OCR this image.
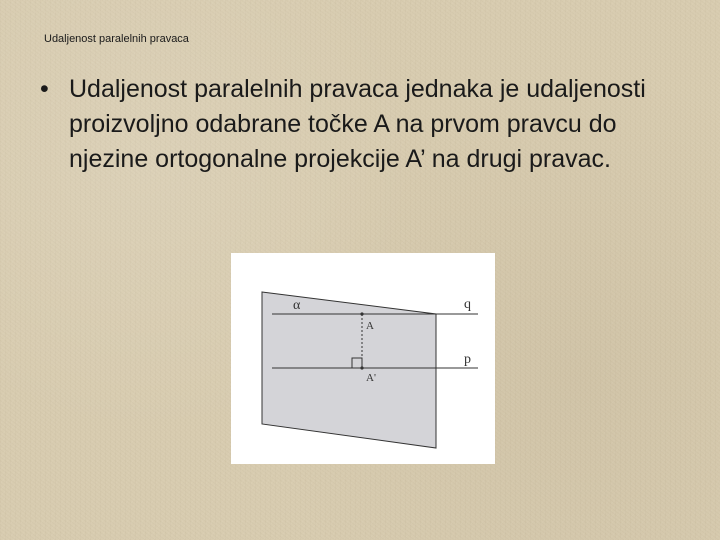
Udaljenost paralelnih pravaca
• Udaljenost paralelnih pravaca jednaka je udaljenosti proizvoljno odabrane točke A na prvom pravcu do njezine ortogonalne projekcije A’ na drugi pravac.
α	q
p
A
A'
